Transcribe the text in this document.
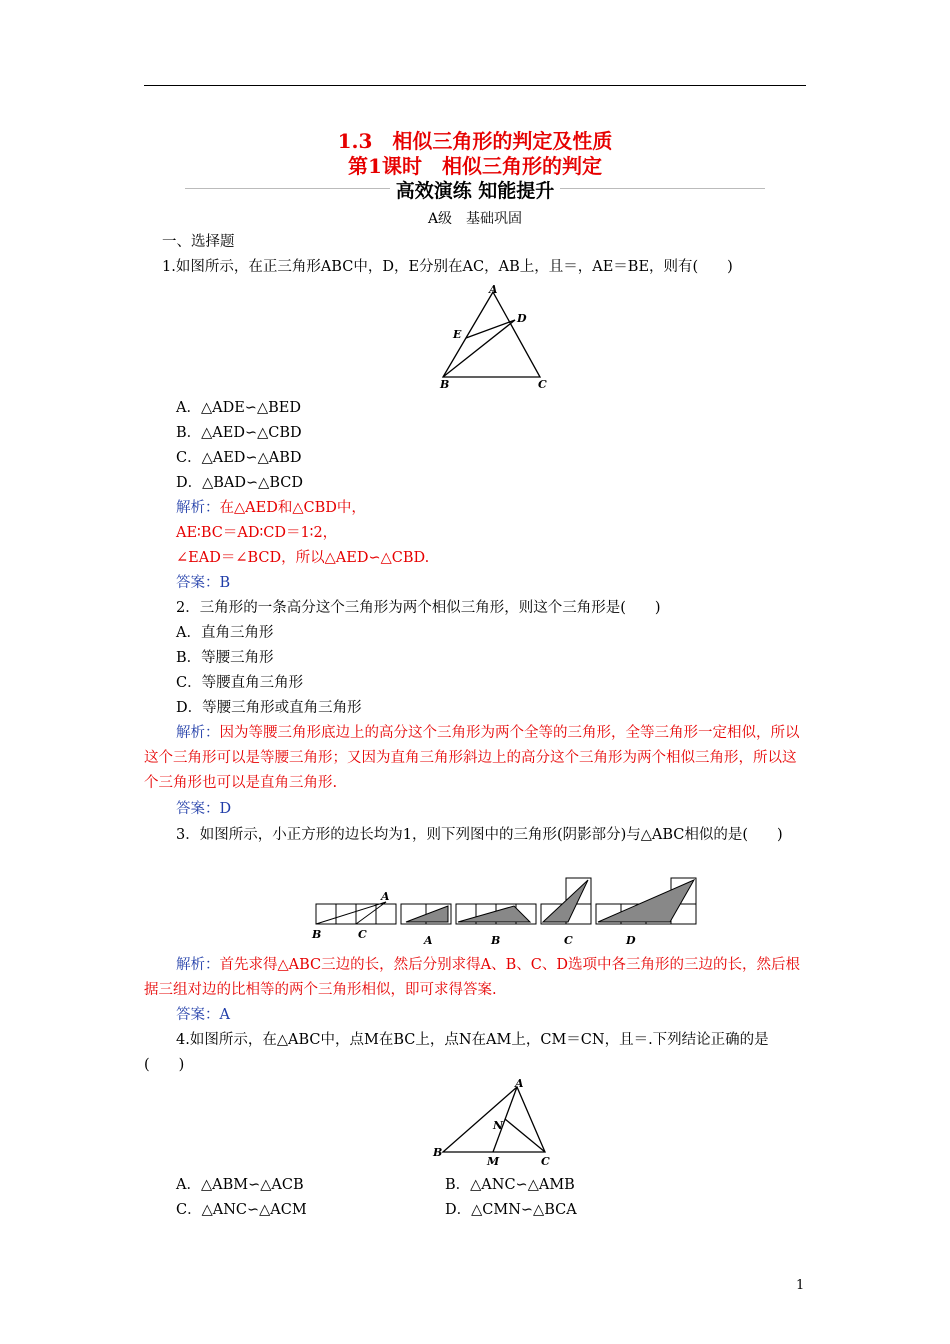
1.3　相似三角形的判定及性质
第1课时　相似三角形的判定
高效演练 知能提升
A级　基础巩固
一、选择题
1.如图所示，在正三角形ABC中，D，E分别在AC，AB上，且＝，AE＝BE，则有(　　)
A
D
E
B	C
A．△ADE∽△BED
B．△AED∽△CBD
C．△AED∽△ABD
D．△BAD∽△BCD
解析：在△AED和△CBD中，
AE∶BC＝AD∶CD＝1∶2，
∠EAD＝∠BCD，所以△AED∽△CBD.
答案：B
2．三角形的一条高分这个三角形为两个相似三角形，则这个三角形是(　　)
A．直角三角形
B．等腰三角形
C．等腰直角三角形
D．等腰三角形或直角三角形
解析：因为等腰三角形底边上的高分这个三角形为两个全等的三角形，全等三角形一定相似，所以这个三角形可以是等腰三角形；又因为直角三角形斜边上的高分这个三角形为两个相似三角形，所以这个三角形也可以是直角三角形.
答案：D
3．如图所示，小正方形的边长均为1，则下列图中的三角形(阴影部分)与△ABC相似的是(　　)
A
B	C	A	B	C	D
解析：首先求得△ABC三边的长，然后分别求得A、B、C、D选项中各三角形的三边的长，然后根据三组对边的比相等的两个三角形相似，即可求得答案.
答案：A
4.如图所示，在△ABC中，点M在BC上，点N在AM上，CM＝CN，且＝.下列结论正确的是(　　)
A
N
B
M	C
A．△ABM∽△ACB	B．△ANC∽△AMB
C．△ANC∽△ACM	D．△CMN∽△BCA
1
